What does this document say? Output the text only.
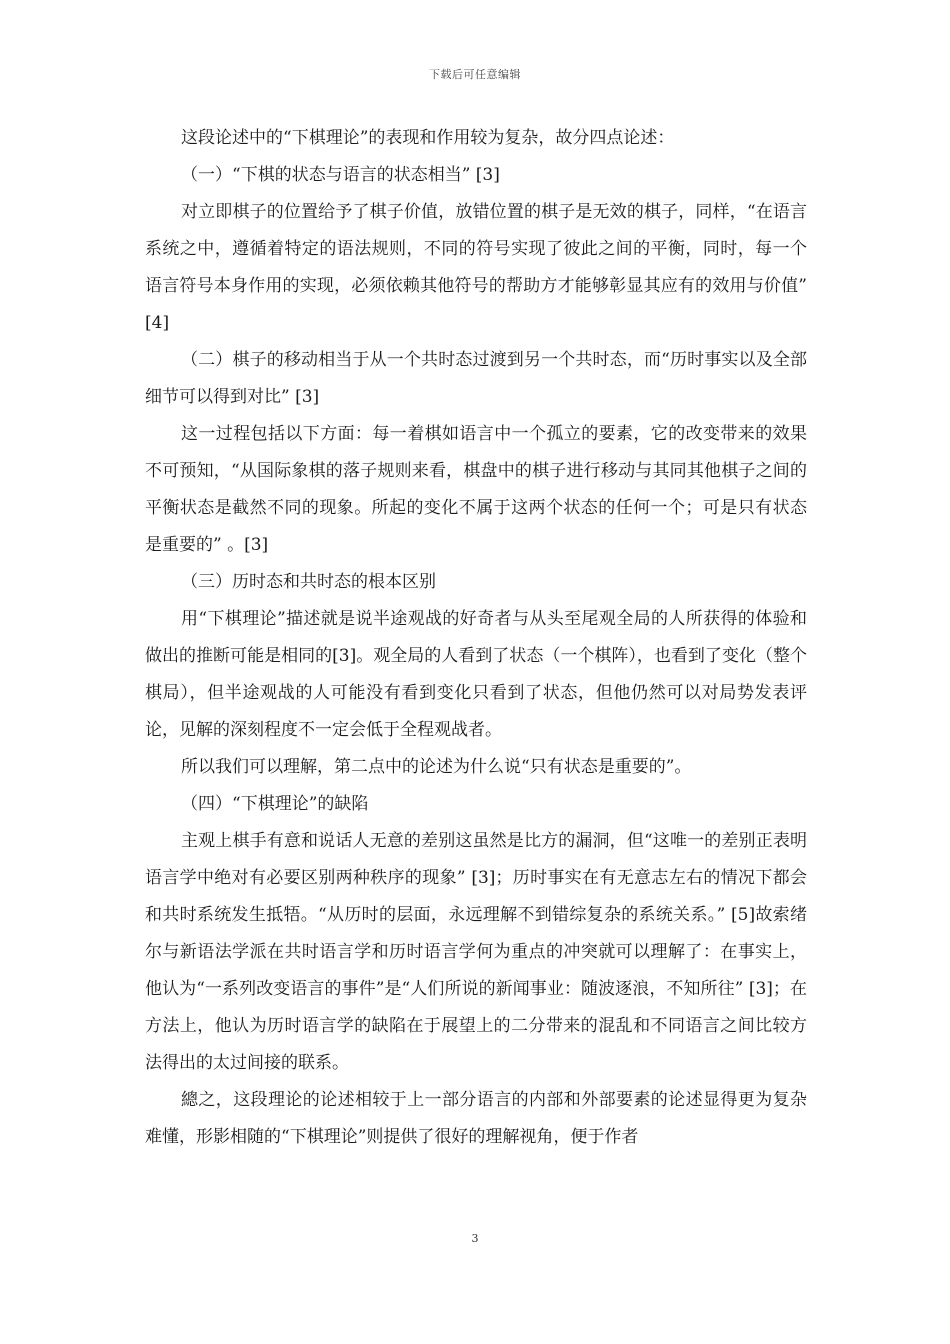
下载后可任意编辑

这段论述中的“下棋理论”的表现和作用较为复杂，故分四点论述：

（一）“下棋的状态与语言的状态相当” [3]

对立即棋子的位置给予了棋子价值，放错位置的棋子是无效的棋子，同样，“在语言系统之中，遵循着特定的语法规则，不同的符号实现了彼此之间的平衡，同时，每一个语言符号本身作用的实现，必须依赖其他符号的帮助方才能够彰显其应有的效用与价值” [4]

（二）棋子的移动相当于从一个共时态过渡到另一个共时态，而“历时事实以及全部细节可以得到对比” [3]

这一过程包括以下方面：每一着棋如语言中一个孤立的要素，它的改变带来的效果不可预知，“从国际象棋的落子规则来看，棋盘中的棋子进行移动与其同其他棋子之间的平衡状态是截然不同的现象。所起的变化不属于这两个状态的任何一个；可是只有状态是重要的” 。[3]

（三）历时态和共时态的根本区别

用“下棋理论”描述就是说半途观战的好奇者与从头至尾观全局的人所获得的体验和做出的推断可能是相同的[3]。观全局的人看到了状态（一个棋阵），也看到了变化（整个棋局），但半途观战的人可能没有看到变化只看到了状态，但他仍然可以对局势发表评论，见解的深刻程度不一定会低于全程观战者。

所以我们可以理解，第二点中的论述为什么说“只有状态是重要的”。

（四）“下棋理论”的缺陷

主观上棋手有意和说话人无意的差别这虽然是比方的漏洞，但“这唯一的差别正表明语言学中绝对有必要区别两种秩序的现象” [3]；历时事实在有无意志左右的情况下都会和共时系统发生抵牾。“从历时的层面，永远理解不到错综复杂的系统关系。” [5]故索绪尔与新语法学派在共时语言学和历时语言学何为重点的冲突就可以理解了：在事实上，他认为“一系列改变语言的事件”是“人们所说的新闻事业：随波逐浪，不知所往” [3]；在方法上，他认为历时语言学的缺陷在于展望上的二分带来的混乱和不同语言之间比较方法得出的太过间接的联系。

總之，这段理论的论述相较于上一部分语言的内部和外部要素的论述显得更为复杂难懂，形影相随的“下棋理论”则提供了很好的理解视角，便于作者

3
